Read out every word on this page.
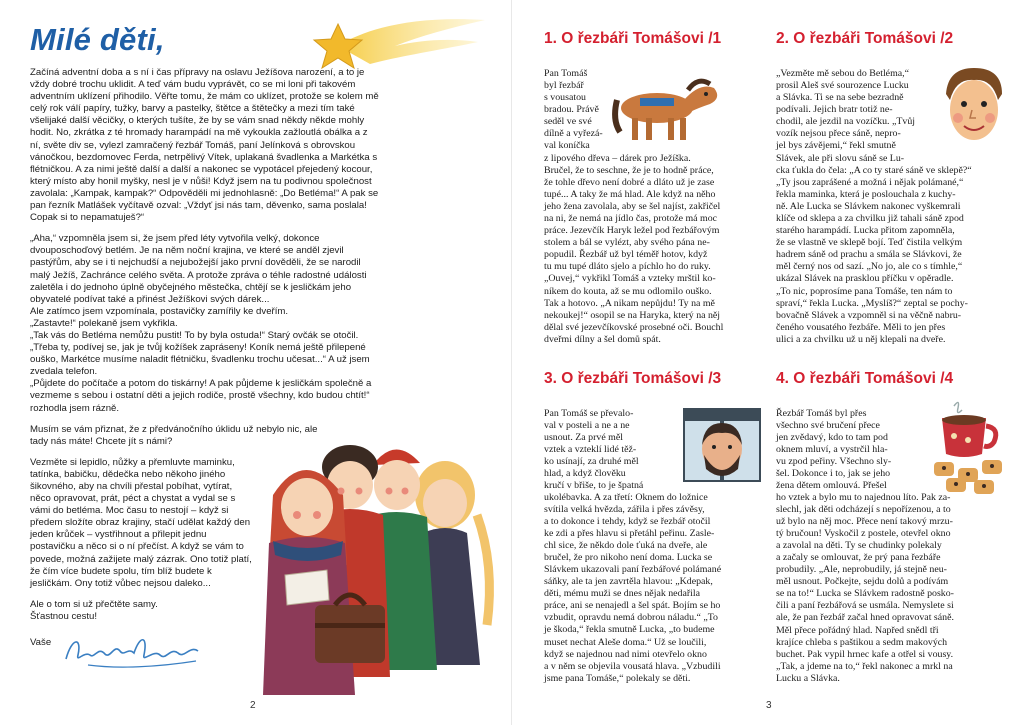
Milé děti,

Začíná adventní doba a s ní i čas přípravy na oslavu Ježíšova narození, a to je vždy dobré trochu uklidit. A teď vám budu vyprávět, co se mi loni při takovém adventním uklízení přihodilo. Věřte tomu, že mám co uklízet, protože se kolem mě celý rok válí papíry, tužky, barvy a pastelky, štětce a štětečky a mezi tím také všelijaké další věcičky, o kterých tušíte, že by se vám snad někdy někde mohly hodit. No, zkrátka z té hromady harampádí na mě vykoukla zažloutlá obálka a z ní, světe div se, vylezl zamračený řezbář Tomáš, paní Jelínková s obrovskou vánočkou, bezdomovec Ferda, netrpělivý Vítek, uplakaná švadlenka a Markétka s flétničkou. A za nimi ještě další a další a nakonec se vypotácel přejedený kocour, který místo aby honil myšky, nesl je v nůši! Když jsem na tu podivnou společnost zavolala: „Kampak, kampak?“ Odpověděli mi jednohlasně: „Do Betléma!“ A pak se pan řezník Matlášek vyčítavě ozval: „Vždyť jsi nás tam, děvenko, sama poslala! Copak si to nepamatuješ?“

„Aha,“ vzpomněla jsem si, že jsem před léty vytvořila velký, dokonce dvouposchoďový betlém. Je na něm noční krajina, ve které se anděl zjevil pastýřům, aby se i ti nejchudší a nejubožejší jako první dověděli, že se narodil malý Ježíš, Zachránce celého světa. A protože zpráva o téhle radostné události zaletěla i do jednoho úplně obyčejného městečka, chtějí se k jesličkám jeho obyvatelé podívat také a přinést Ježíškovi svých dárek...

Ale zatímco jsem vzpomínala, postavičky zamířily ke dveřím.

„Zastavte!“ polekaně jsem vykřikla.

„Tak vás do Betléma nemůžu pustit! To by byla ostuda!“ Starý ovčák se otočil.

„Třeba ty, podívej se, jak je tvůj kožíšek zapráseny! Koník nemá ještě přilepené ouško, Markétce musíme naladit flétničku, švadlenku trochu učesat...“ A už jsem zvedala telefon.

„Půjdete do počítače a potom do tiskárny! A pak půjdeme k jesličkám společně a vezmeme s sebou i ostatní děti a jejich rodiče, prostě všechny, kdo budou chtít!“ rozhodla jsem rázně.

Musím se vám přiznat, že z předvánočního úklidu už nebylo nic, ale tady nás máte! Chcete jít s námi?

Vezměte si lepidlo, nůžky a přemluvte maminku, tatínka, babičku, dědečka nebo někoho jiného šikovného, aby na chvíli přestal pobíhat, vytírat, něco opravovat, prát, péct a chystat a vydal se s vámi do betléma. Moc času to nestojí – když si předem složíte obraz krajiny, stačí udělat každý den jeden krůček – vystřihnout a přilepit jednu postavičku a něco si o ní přečíst. A když se vám to povede, možná zažijete malý zázrak. Ono totiž platí, že čím více budete spolu, tím blíž budete k jesličkám. Ony totiž vůbec nejsou daleko...

Ale o tom si už přečtěte samy. Šťastnou cestu!

Vaše
2
1. O řezbáři Tomášovi /1
Pan Tomáš
byl řezbář
s vousatou
bradou. Právě
seděl ve své
dílně a vyřezá-
val koníčka
z lipového dřeva – dárek pro Ježíška.
Bručel, že to seschne, že je to hodně práce,
že tohle dřevo není dobré a dláto už je zase
tupé... A taky že má hlad. Ale když na něho
jeho žena zavolala, aby se šel najíst, zakřičel
na ni, že nemá na jídlo čas, protože má moc
práce. Jezevčík Haryk ležel pod řezbářovým
stolem a bál se vylézt, aby svého pána ne-
popudil. Řezbář už byl téměř hotov, když
tu mu tupé dláto sjelo a píchlo ho do ruky.
„Ouvej,“ vykřikl Tomáš a vzteky mrštil ko-
níkem do kouta, až se mu odlomilo ouško.
Tak a hotovo. „A nikam nepůjdu! Ty na mě
nekoukej!“ osopil se na Haryka, který na něj
dělal své jezevčíkovské prosebné oči. Bouchl
dveřmi dílny a šel domů spát.
2. O řezbáři Tomášovi /2
„Vezměte mě sebou do Betléma,“
prosil Aleš své sourozence Lucku
a Slávka. Ti se na sebe bezradně
podívali. Jejich bratr totiž ne-
chodil, ale jezdil na vozíčku. „Tvůj
vozík nejsou přece sáně, nepro-
jel bys závějemi,“ řekl smutně
Slávek, ale při slovu sáně se Lu-
cka ťukla do čela: „A co ty staré sáně ve sklepě?“
„Ty jsou zaprášené a možná i nějak polámané,“
řekla maminka, která je poslouchala z kuchy-
ně. Ale Lucka se Slávkem nakonec vyškemrali
klíče od sklepa a za chvilku již tahali sáně zpod
starého harampádí. Lucka přitom zapomněla,
že se vlastně ve sklepě bojí. Teď čistila velkým
hadrem sáně od prachu a smála se Slávkovi, že
měl černý nos od sazí. „No jo, ale co s tímhle,“
ukázal Slávek na prasklou příčku v opěradle.
„To nic, poprosíme pana Tomáše, ten nám to
spraví,“ řekla Lucka. „Myslíš?“ zeptal se pochy-
bovačně Slávek a vzpomněl si na věčně nabru-
čeného vousatého řezbáře. Měli to jen přes
ulici a za chvilku už u něj klepali na dveře.
3. O řezbáři Tomášovi /3
Pan Tomáš se převalo-
val v posteli a ne a ne
usnout. Za prvé měl
vztek a vzteklí lidé těž-
ko usínají, za druhé měl
hlad, a když člověku
kručí v břiše, to je špatná
ukolébavka. A za třetí: Oknem do ložnice
svítila velká hvězda, zářila i přes závěsy,
a to dokonce i tehdy, když se řezbář otočil
ke zdi a přes hlavu si přetáhl peřinu. Zasle-
chl sice, že někdo dole ťuká na dveře, ale
bručel, že pro nikoho není doma. Lucka se
Slávkem ukazovali paní řezbářové polámané
sáňky, ale ta jen zavrtěla hlavou: „Kdepak,
děti, mému muži se dnes nějak nedařila
práce, ani se nenajedl a šel spát. Bojím se ho
vzbudit, opravdu nemá dobrou náladu.“ „To
je škoda,“ řekla smutně Lucka, „to budeme
muset nechat Aleše doma.“ Už se loučili,
když se najednou nad nimi otevřelo okno
a v něm se objevila vousatá hlava. „Vzbudili
jsme pana Tomáše,“ polekaly se děti.
4. O řezbáři Tomášovi /4
Řezbář Tomáš byl přes
všechno své bručení přece
jen zvědavý, kdo to tam pod
oknem mluví, a vystrčil hla-
vu zpod peřiny. Všechno sly-
šel. Dokonce i to, jak se jeho
žena dětem omlouvá. Přešel
ho vztek a bylo mu to najednou líto. Pak za-
slechl, jak děti odcházejí s nepořízenou, a to
už bylo na něj moc. Přece není takový mrzu-
tý bručoun! Vyskočil z postele, otevřel okno
a zavolal na děti. Ty se chudinky polekaly
a začaly se omlouvat, že prý pana řezbáře
probudily. „Ale, neprobudily, já stejně neu-
měl usnout. Počkejte, sejdu dolů a podívám
se na to!“ Lucka se Slávkem radostně posko-
čili a paní řezbářová se usmála. Nemyslete si
ale, že pan řezbář začal hned opravovat sáně.
Měl přece pořádný hlad. Napřed snědl tři
krajíce chleba s paštikou a sedm makových
buchet. Pak vypil hrnec kafe a otřel si vousy.
„Tak, a jdeme na to,“ řekl nakonec a mrkl na
Lucku a Slávka.
3
